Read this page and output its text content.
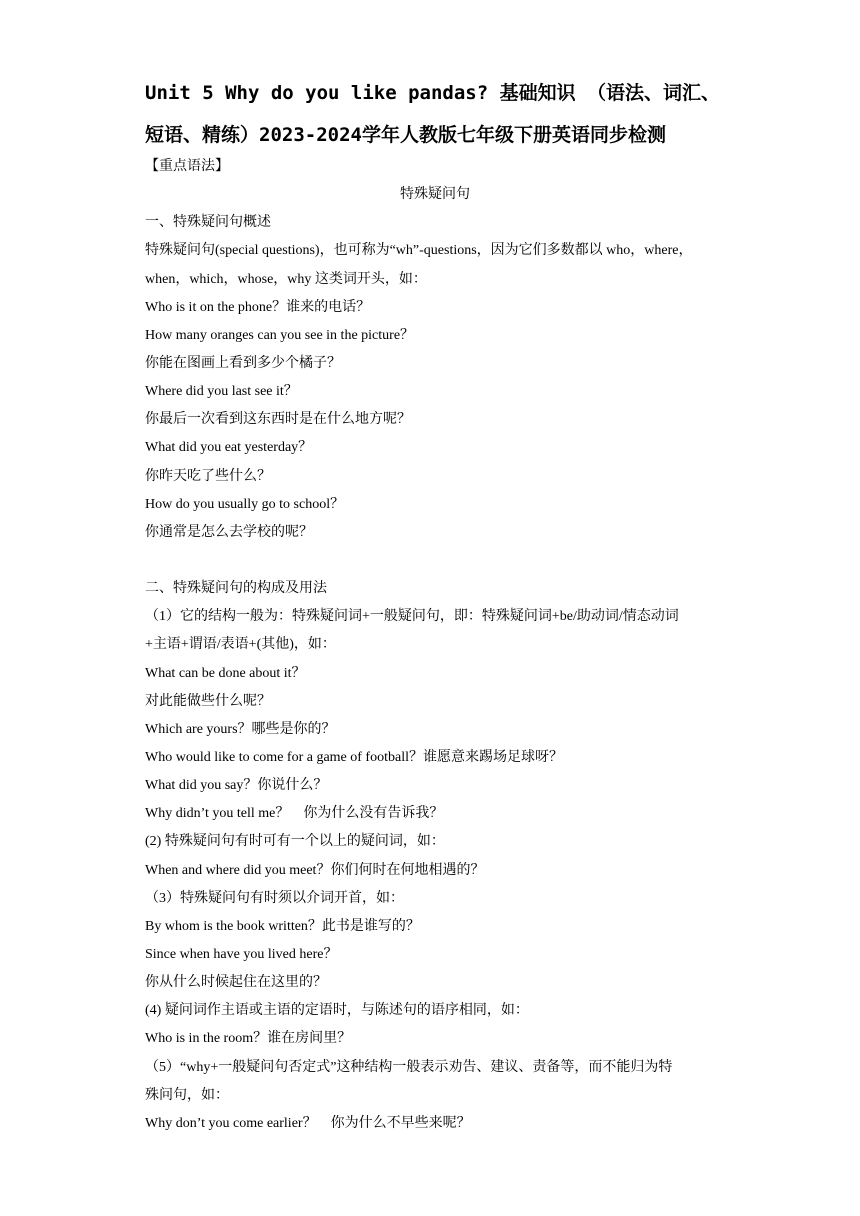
Unit 5 Why do you like pandas? 基础知识 （语法、词汇、短语、精练）2023-2024学年人教版七年级下册英语同步检测
【重点语法】
特殊疑问句
一、特殊疑问句概述
特殊疑问句(special questions)，也可称为“wh”-questions，因为它们多数都以 who，where，
when，which，whose，why 这类词开头，如：
Who is it on the phone？谁来的电话？
How many oranges can you see in the picture？
你能在图画上看到多少个橘子？
Where did you last see it？
你最后一次看到这东西时是在什么地方呢？
What did you eat yesterday？
你昨天吃了些什么？
How do you usually go to school？
你通常是怎么去学校的呢？
二、特殊疑问句的构成及用法
（1）它的结构一般为：特殊疑问词+一般疑问句，即：特殊疑问词+be/助动词/情态动词
+主语+谓语/表语+(其他)，如：
What can be done about it？
对此能做些什么呢？
Which are yours？哪些是你的？
Who would like to come for a game of football？谁愿意来踢场足球呀？
What did you say？你说什么？
Why didn’t you tell me？　你为什么没有告诉我？
(2) 特殊疑问句有时可有一个以上的疑问词，如：
When and where did you meet？你们何时在何地相遇的？
（3）特殊疑问句有时须以介词开首，如：
By whom is the book written？此书是谁写的？
Since when have you lived here？
你从什么时候起住在这里的？
(4) 疑问词作主语或主语的定语时，与陈述句的语序相同，如：
Who is in the room？谁在房间里？
（5）“why+一般疑问句否定式”这种结构一般表示劝告、建议、责备等，而不能归为特
殊问句，如：
Why don’t you come earlier？　你为什么不早些来呢？
